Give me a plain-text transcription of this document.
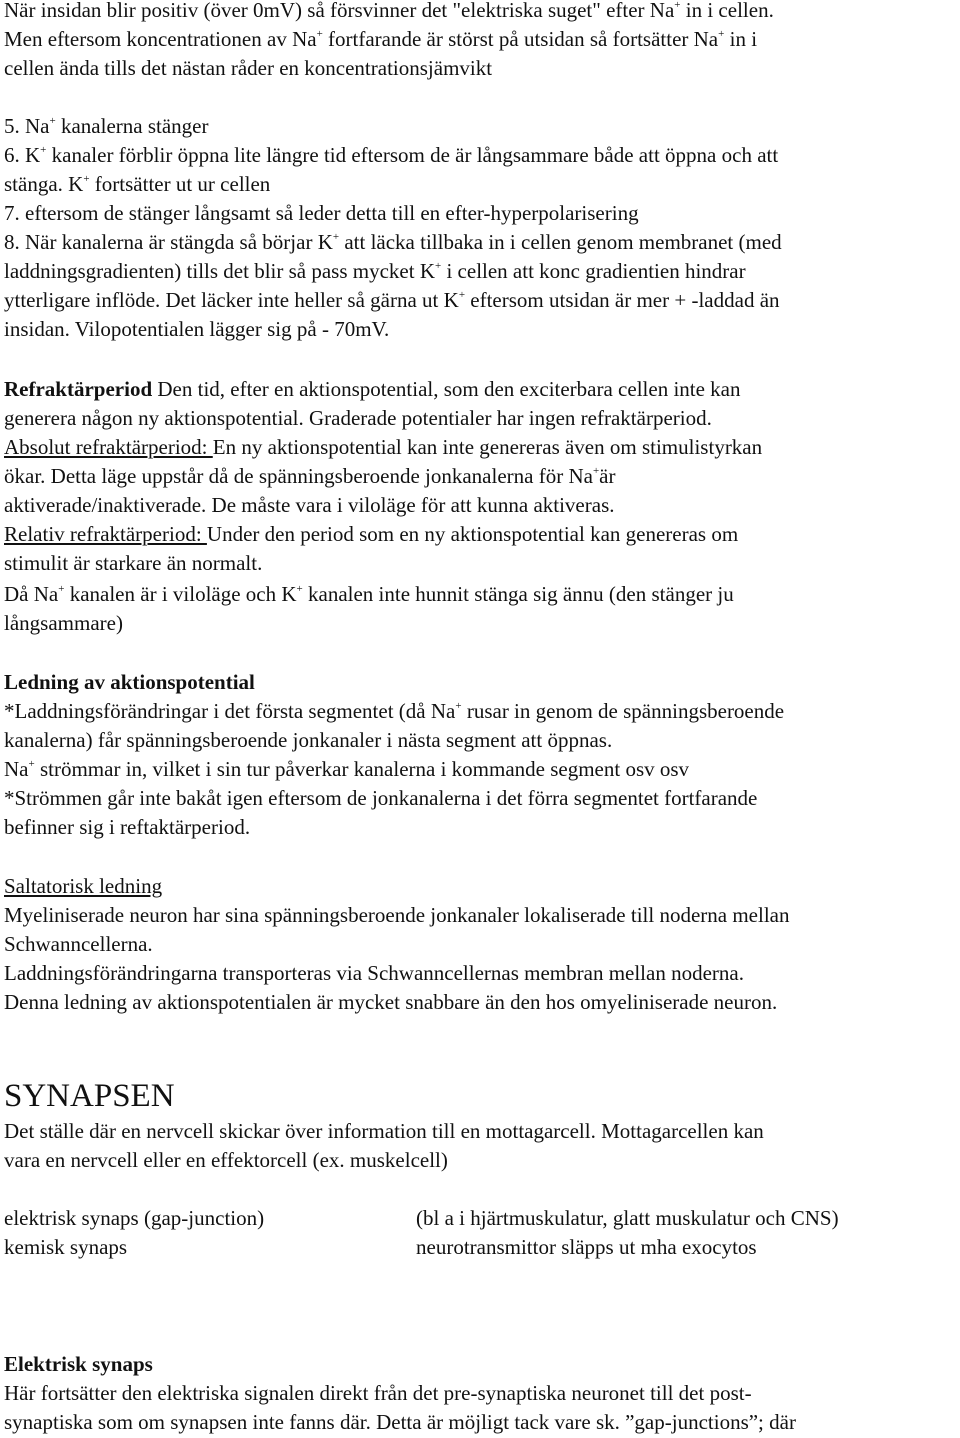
När insidan blir positiv (över 0mV) så försvinner det "elektriska suget" efter Na+ in i cellen.

Men eftersom koncentrationen av Na+ fortfarande är störst på utsidan så fortsätter Na+ in i

cellen ända tills det nästan råder en koncentrationsjämvikt

5. Na+ kanalerna stänger

6. K+ kanaler förblir öppna lite längre tid eftersom de är långsammare både att öppna och att

stänga. K+ fortsätter ut ur cellen

7. eftersom de stänger långsamt så leder detta till en efter-hyperpolarisering

8. När kanalerna är stängda så börjar K+ att läcka tillbaka in i cellen genom membranet (med

laddningsgradienten) tills det blir så pass mycket K+ i cellen att konc gradientien hindrar

ytterligare inflöde. Det läcker inte heller så gärna ut K+ eftersom utsidan är mer + -laddad än

insidan. Vilopotentialen lägger sig på - 70mV.

Refraktärperiod Den tid, efter en aktionspotential, som den exciterbara cellen inte kan

generera någon ny aktionspotential. Graderade potentialer har ingen refraktärperiod.

Absolut refraktärperiod: En ny aktionspotential kan inte genereras även om stimulistyrkan

ökar. Detta läge uppstår då de spänningsberoende jonkanalerna för Na+är

aktiverade/inaktiverade. De måste vara i viloläge för att kunna aktiveras.

Relativ refraktärperiod: Under den period som en ny aktionspotential kan genereras om

stimulit är starkare än normalt.

Då Na+ kanalen är i viloläge och K+ kanalen inte hunnit stänga sig ännu (den stänger ju

långsammare)

Ledning av aktionspotential

*Laddningsförändringar i det första segmentet (då Na+ rusar in genom de spänningsberoende

kanalerna) får spänningsberoende jonkanaler i nästa segment att öppnas.

Na+ strömmar in, vilket i sin tur påverkar kanalerna i kommande segment osv osv

*Strömmen går inte bakåt igen eftersom de jonkanalerna i det förra segmentet fortfarande

befinner sig i reftaktärperiod.

Saltatorisk ledning

Myeliniserade neuron har sina spänningsberoende jonkanaler lokaliserade till noderna mellan

Schwanncellerna.

Laddningsförändringarna transporteras via Schwanncellernas membran mellan noderna.

Denna ledning av aktionspotentialen är mycket snabbare än den hos omyeliniserade neuron.

SYNAPSEN

Det ställe där en nervcell skickar över information till en mottagarcell. Mottagarcellen kan

vara en nervcell eller en effektorcell (ex. muskelcell)

elektrisk synaps (gap-junction)	(bl a i hjärtmuskulatur, glatt muskulatur och CNS)

kemisk synaps	neurotransmittor släpps ut mha exocytos

Elektrisk synaps

Här fortsätter den elektriska signalen direkt från det pre-synaptiska neuronet till det post-

synaptiska som om synapsen inte fanns där. Detta är möjligt tack vare sk. ”gap-junctions”; där
